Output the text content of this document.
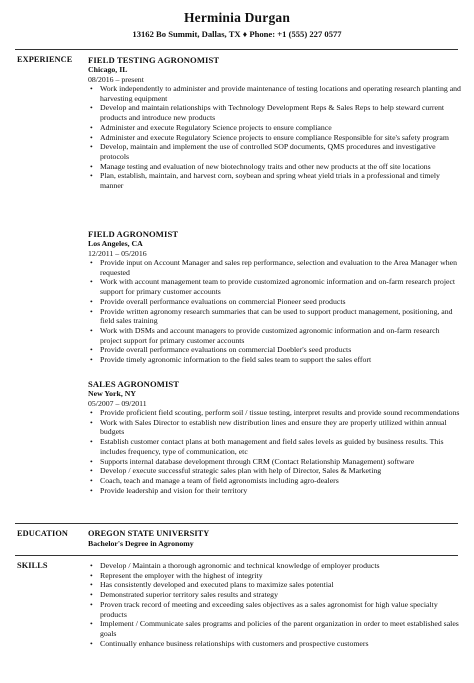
Herminia Durgan
13162 Bo Summit, Dallas, TX ♦ Phone: +1 (555) 227 0577
EXPERIENCE FIELD TESTING AGRONOMIST
Chicago, IL
08/2016 – present
• Work independently to administer and provide maintenance of testing locations and operating research planting and harvesting equipment
• Develop and maintain relationships with Technology Development Reps & Sales Reps to help steward current products and introduce new products
• Administer and execute Regulatory Science projects to ensure compliance
• Administer and execute Regulatory Science projects to ensure compliance Responsible for site's safety program
• Develop, maintain and implement the use of controlled SOP documents, QMS procedures and investigative protocols
• Manage testing and evaluation of new biotechnology traits and other new products at the off site locations
• Plan, establish, maintain, and harvest corn, soybean and spring wheat yield trials in a professional and timely manner
FIELD AGRONOMIST
Los Angeles, CA
12/2011 – 05/2016
• Provide input on Account Manager and sales rep performance, selection and evaluation to the Area Manager when requested
• Work with account management team to provide customized agronomic information and on-farm research project support for primary customer accounts
• Provide overall performance evaluations on commercial Pioneer seed products
• Provide written agronomy research summaries that can be used to support product management, positioning, and field sales training
• Work with DSMs and account managers to provide customized agronomic information and on-farm research project support for primary customer accounts
• Provide overall performance evaluations on commercial Doebler's seed products
• Provide timely agronomic information to the field sales team to support the sales effort
SALES AGRONOMIST
New York, NY
05/2007 – 09/2011
• Provide proficient field scouting, perform soil / tissue testing, interpret results and provide sound recommendations
• Work with Sales Director to establish new distribution lines and ensure they are properly utilized within annual budgets
• Establish customer contact plans at both management and field sales levels as guided by business results. This includes frequency, type of communication, etc
• Supports internal database development through CRM (Contact Relationship Management) software
• Develop / execute successful strategic sales plan with help of Director, Sales & Marketing
• Coach, teach and manage a team of field agronomists including agro-dealers
• Provide leadership and vision for their territory
EDUCATION OREGON STATE UNIVERSITY
Bachelor's Degree in Agronomy
SKILLS
•	Develop / Maintain a thorough agronomic and technical knowledge of employer products
• Represent the employer with the highest of integrity
• Has consistently developed and executed plans to maximize sales potential
• Demonstrated superior territory sales results and strategy
• Proven track record of meeting and exceeding sales objectives as a sales agronomist for high value specialty products
• Implement / Communicate sales programs and policies of the parent organization in order to meet established sales goals
• Continually enhance business relationships with customers and prospective customers
